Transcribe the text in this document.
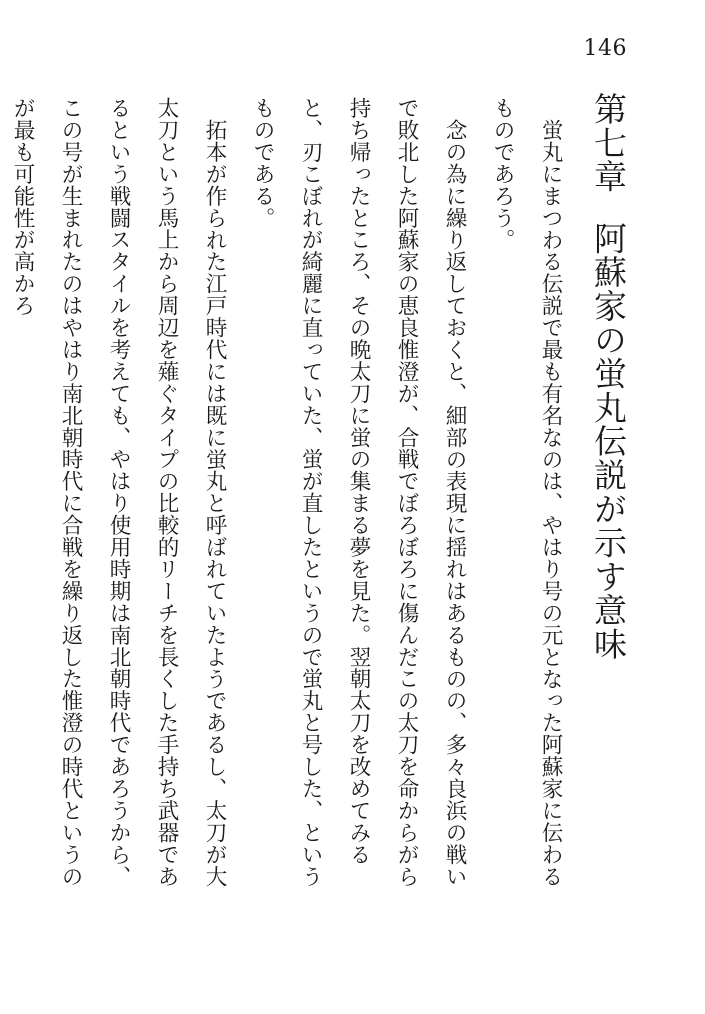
146
第七章阿蘇家の蛍丸伝説が示す意味

蛍丸にまつわる伝説で最も有名なのは、やはり号の元となった阿蘇家に伝わるものであろう。

念の為に繰り返しておくと、細部の表現に揺れはあるものの、多々良浜の戦いで敗北した阿蘇家の恵良惟澄が、合戦でぼろぼろに傷んだこの太刀を命からがら持ち帰ったところ、その晩太刀に蛍の集まる夢を見た。翌朝太刀を改めてみると、刃こぼれが綺麗に直っていた、蛍が直したというので蛍丸と号した、というものである。

拓本が作られた江戸時代には既に蛍丸と呼ばれていたようであるし、太刀が大太刀という馬上から周辺を薙ぐタイプの比較的リーチを長くした手持ち武器であるという戦闘スタイルを考えても、やはり使用時期は南北朝時代であろうから、この号が生まれたのはやはり南北朝時代に合戦を繰り返した惟澄の時代というのが最も可能性が高かろ
